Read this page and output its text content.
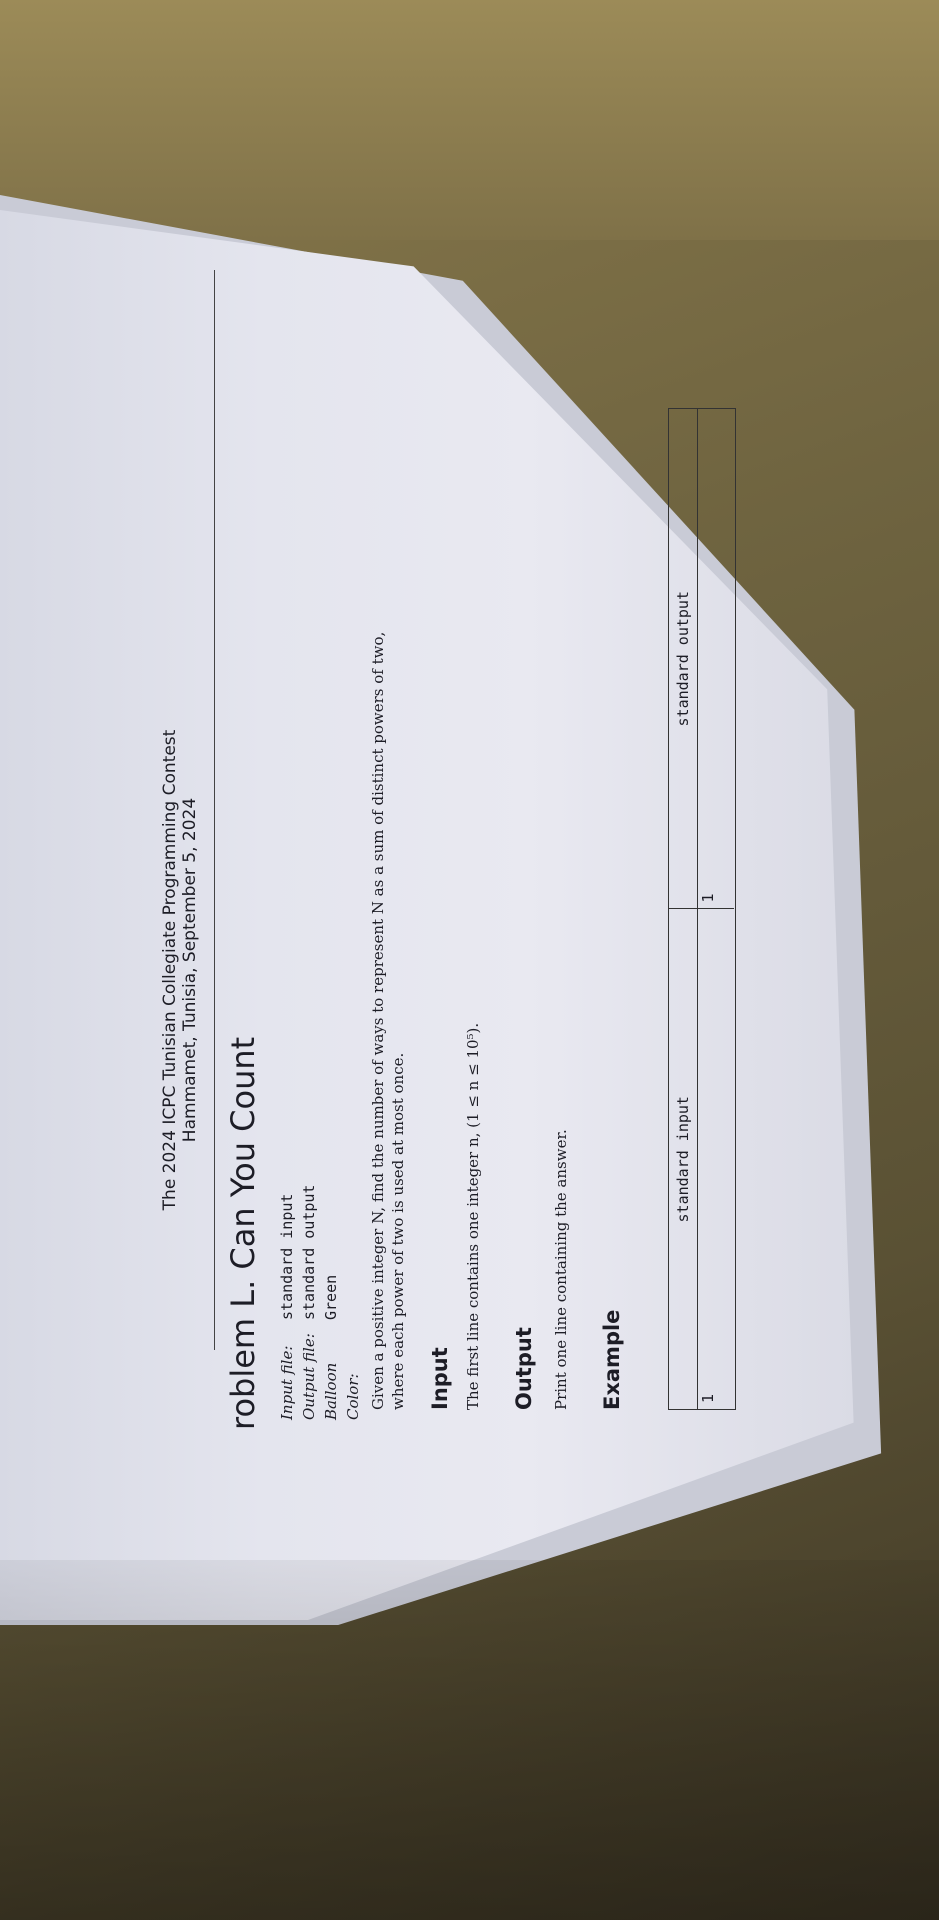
The 2024 ICPC Tunisian Collegiate Programming Contest Hammamet, Tunisia, September 5, 2024
roblem L. Can You Count Input file:
standard input
Output file:
standard output
Balloon Color:
Green	Given a positive integer N, find the number of ways to represent N as a sum of distinct powers of two, where each power of two is used at most once. Input The first line contains one integer n, (1 ≤ n ≤ 10⁵). Output Print one line containing the answer. Example
standard input
standard output
1
1
